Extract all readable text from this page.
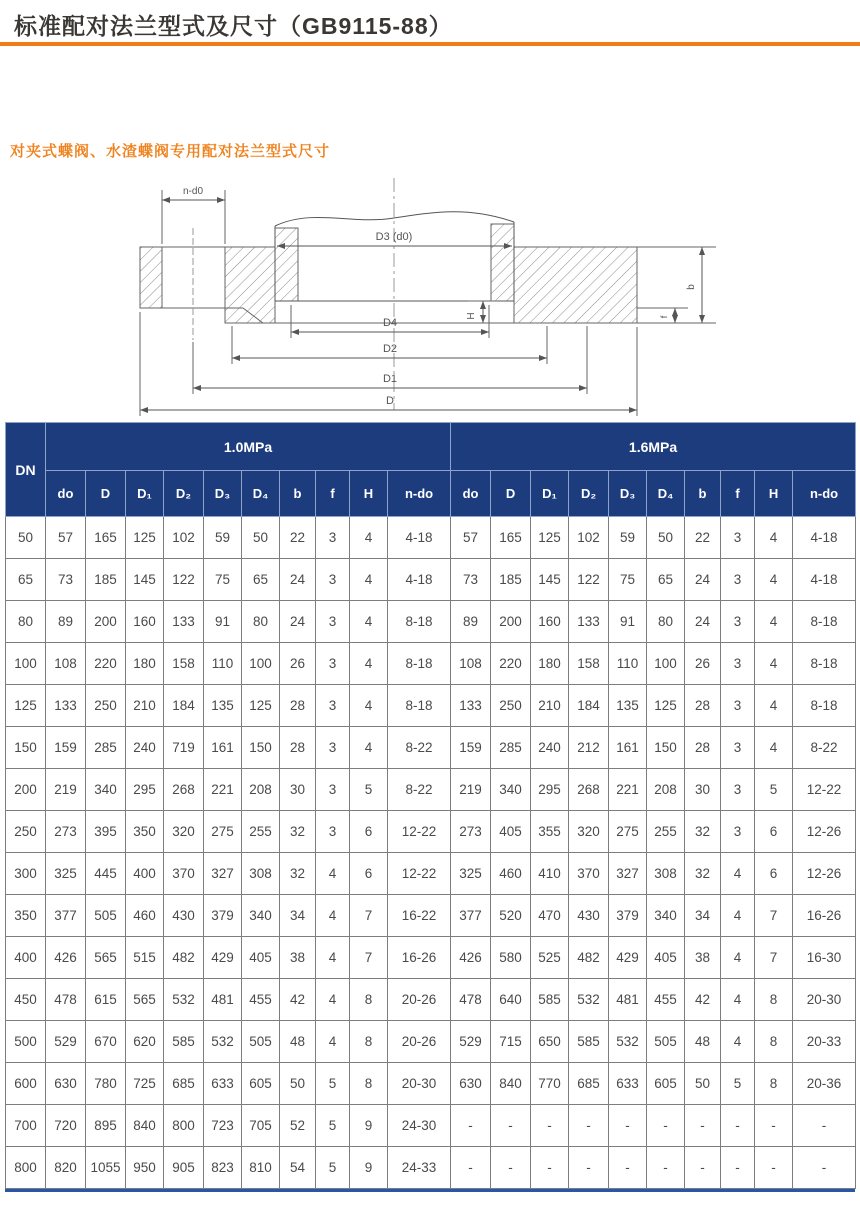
标准配对法兰型式及尺寸（GB9115-88）
对夹式蝶阀、水渣蝶阀专用配对法兰型式尺寸
n-d0
D3 (d0)
H	f
b
D4
D2
D1
D
DN	1.0MPa										1.6MPa									
	do	D	D₁	D₂	D₃	D₄	b	f	H	n-do	do	D	D₁	D₂	D₃	D₄	b	f	H	n-do
50	57	165	125	102	59	50	22	3	4	4-18	57	165	125	102	59	50	22	3	4	4-18
65	73	185	145	122	75	65	24	3	4	4-18	73	185	145	122	75	65	24	3	4	4-18
80	89	200	160	133	91	80	24	3	4	8-18	89	200	160	133	91	80	24	3	4	8-18
100	108	220	180	158	110	100	26	3	4	8-18	108	220	180	158	110	100	26	3	4	8-18
125	133	250	210	184	135	125	28	3	4	8-18	133	250	210	184	135	125	28	3	4	8-18
150	159	285	240	719	161	150	28	3	4	8-22	159	285	240	212	161	150	28	3	4	8-22
200	219	340	295	268	221	208	30	3	5	8-22	219	340	295	268	221	208	30	3	5	12-22
250	273	395	350	320	275	255	32	3	6	12-22	273	405	355	320	275	255	32	3	6	12-26
300	325	445	400	370	327	308	32	4	6	12-22	325	460	410	370	327	308	32	4	6	12-26
350	377	505	460	430	379	340	34	4	7	16-22	377	520	470	430	379	340	34	4	7	16-26
400	426	565	515	482	429	405	38	4	7	16-26	426	580	525	482	429	405	38	4	7	16-30
450	478	615	565	532	481	455	42	4	8	20-26	478	640	585	532	481	455	42	4	8	20-30
500	529	670	620	585	532	505	48	4	8	20-26	529	715	650	585	532	505	48	4	8	20-33
600	630	780	725	685	633	605	50	5	8	20-30	630	840	770	685	633	605	50	5	8	20-36
700	720	895	840	800	723	705	52	5	9	24-30	-	-	-	-	-	-	-	-	-	-
800	820	1055	950	905	823	810	54	5	9	24-33	-	-	-	-	-	-	-	-	-	-
